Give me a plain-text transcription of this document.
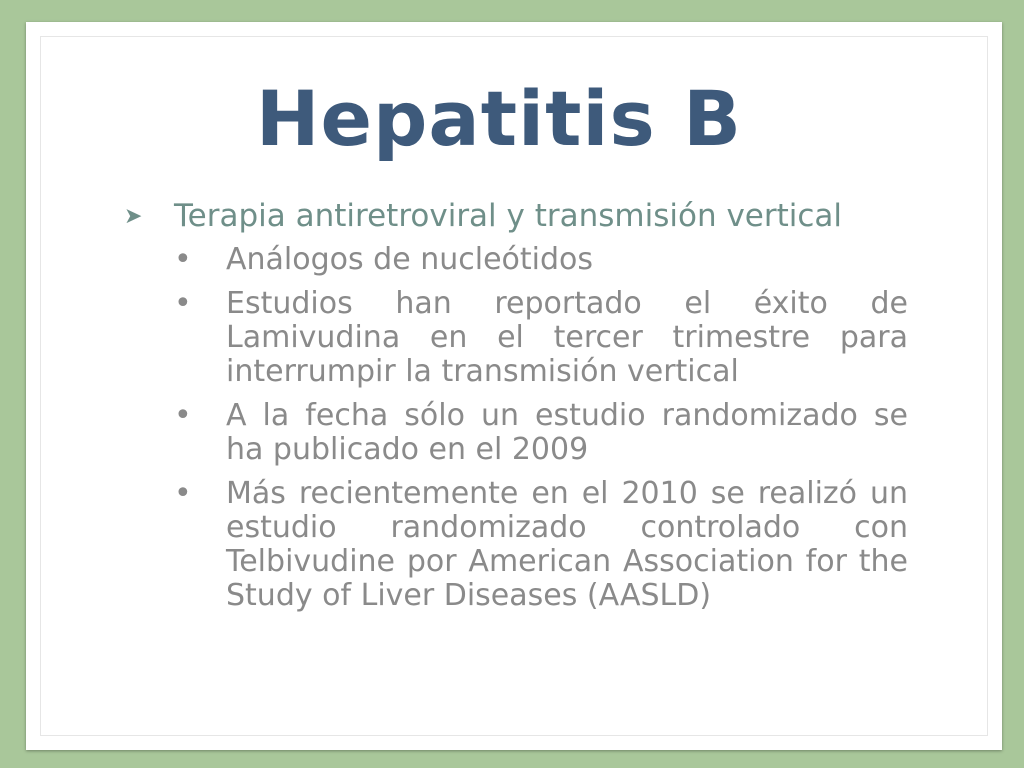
Hepatitis B
➤ Terapia antiretroviral y transmisión vertical
• Análogos de nucleótidos
• Estudios han reportado el éxito de Lamivudina en el tercer trimestre para interrumpir la transmisión vertical
• A la fecha sólo un estudio randomizado se ha publicado en el 2009
• Más recientemente en el 2010 se realizó un estudio randomizado controlado con Telbivudine por American Association for the Study of Liver Diseases (AASLD)
